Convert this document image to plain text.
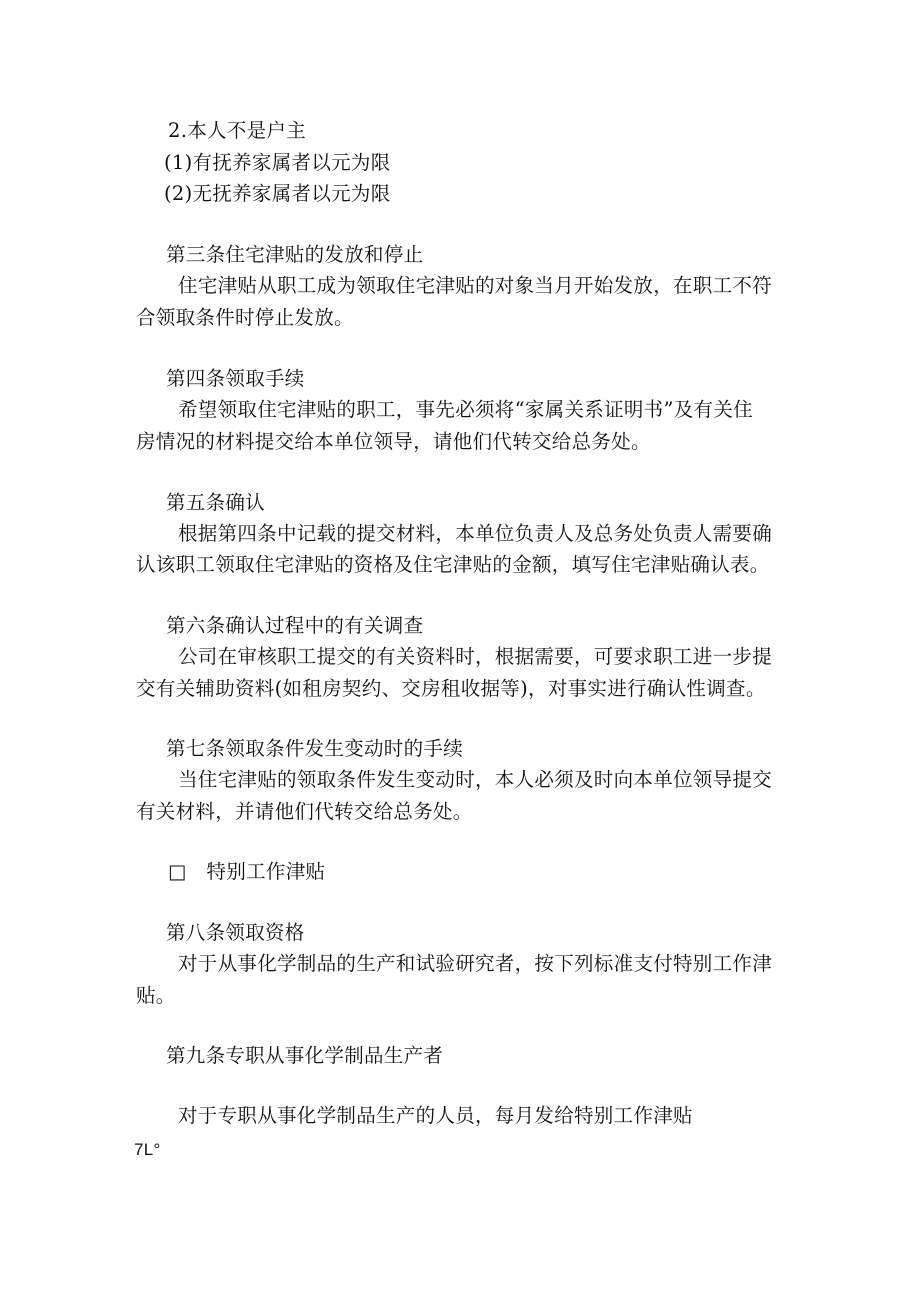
2.本人不是户主
(1)有抚养家属者以元为限
(2)无抚养家属者以元为限
第三条住宅津贴的发放和停止
住宅津贴从职工成为领取住宅津贴的对象当月开始发放，在职工不符
合领取条件时停止发放。
第四条领取手续
希望领取住宅津贴的职工，事先必须将“家属关系证明书”及有关住
房情况的材料提交给本单位领导，请他们代转交给总务处。
第五条确认
根据第四条中记载的提交材料，本单位负责人及总务处负责人需要确
认该职工领取住宅津贴的资格及住宅津贴的金额，填写住宅津贴确认表。
第六条确认过程中的有关调查
公司在审核职工提交的有关资料时，根据需要，可要求职工进一步提
交有关辅助资料(如租房契约、交房租收据等)，对事实进行确认性调查。
第七条领取条件发生变动时的手续
当住宅津贴的领取条件发生变动时，本人必须及时向本单位领导提交
有关材料，并请他们代转交给总务处。
□　特别工作津贴
第八条领取资格
对于从事化学制品的生产和试验研究者，按下列标准支付特别工作津
贴。
第九条专职从事化学制品生产者
对于专职从事化学制品生产的人员，每月发给特别工作津贴
7L°
